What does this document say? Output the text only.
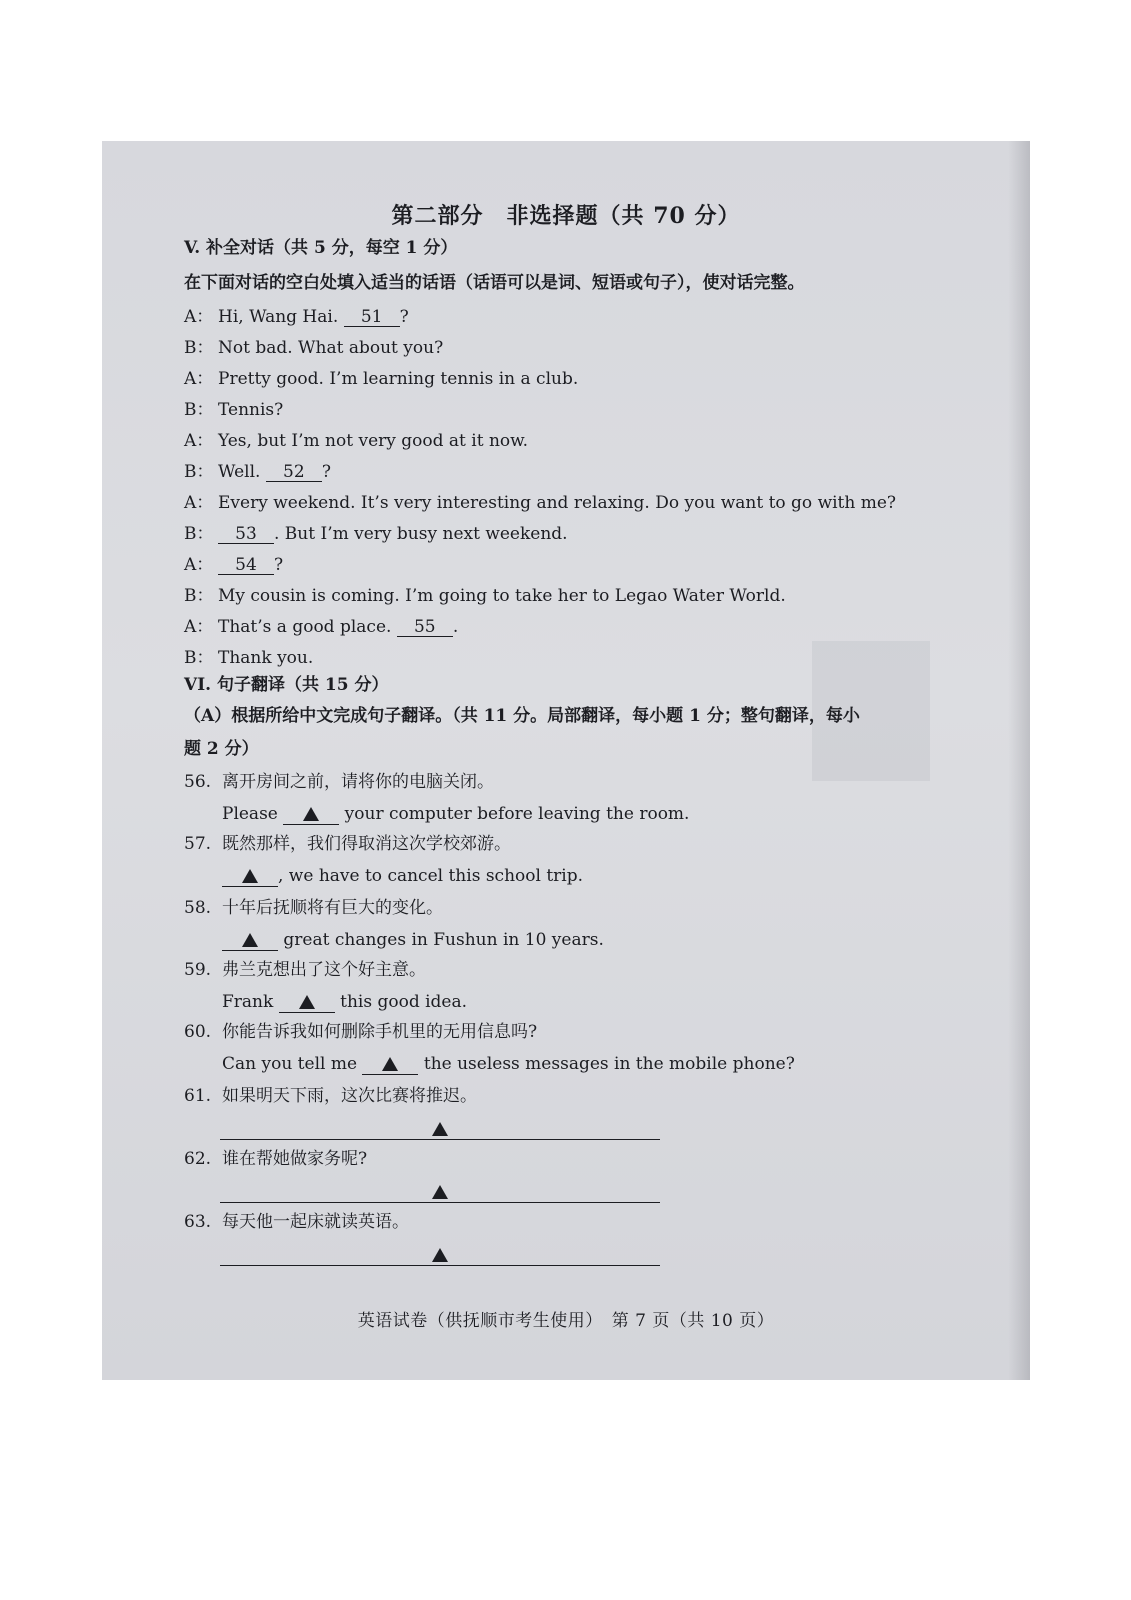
第二部分　非选择题（共 70 分）
V. 补全对话（共 5 分，每空 1 分）
在下面对话的空白处填入适当的话语（话语可以是词、短语或句子），使对话完整。
A： Hi, Wang Hai. 51 ?
B： Not bad. What about you?
A： Pretty good. I’m learning tennis in a club.
B： Tennis?
A： Yes, but I’m not very good at it now.
B： Well. 52 ?
A： Every weekend. It’s very interesting and relaxing. Do you want to go with me?
B： 53 . But I’m very busy next weekend.
A： 54 ?
B： My cousin is coming. I’m going to take her to Legao Water World.
A： That’s a good place. 55 .
B： Thank you.
VI. 句子翻译（共 15 分）
（A）根据所给中文完成句子翻译。（共 11 分。局部翻译，每小题 1 分；整句翻译，每小
题 2 分）
56. 离开房间之前，请将你的电脑关闭。
Please	your computer before leaving the room.
57. 既然那样，我们得取消这次学校郊游。
, we have to cancel this school trip.
58. 十年后抚顺将有巨大的变化。
great changes in Fushun in 10 years.
59. 弗兰克想出了这个好主意。
Frank	this good idea.
60. 你能告诉我如何删除手机里的无用信息吗?
Can you tell me	the useless messages in the mobile phone?
61. 如果明天下雨，这次比赛将推迟。
62. 谁在帮她做家务呢?
63. 每天他一起床就读英语。
英语试卷（供抚顺市考生使用）　第 7 页（共 10 页）
